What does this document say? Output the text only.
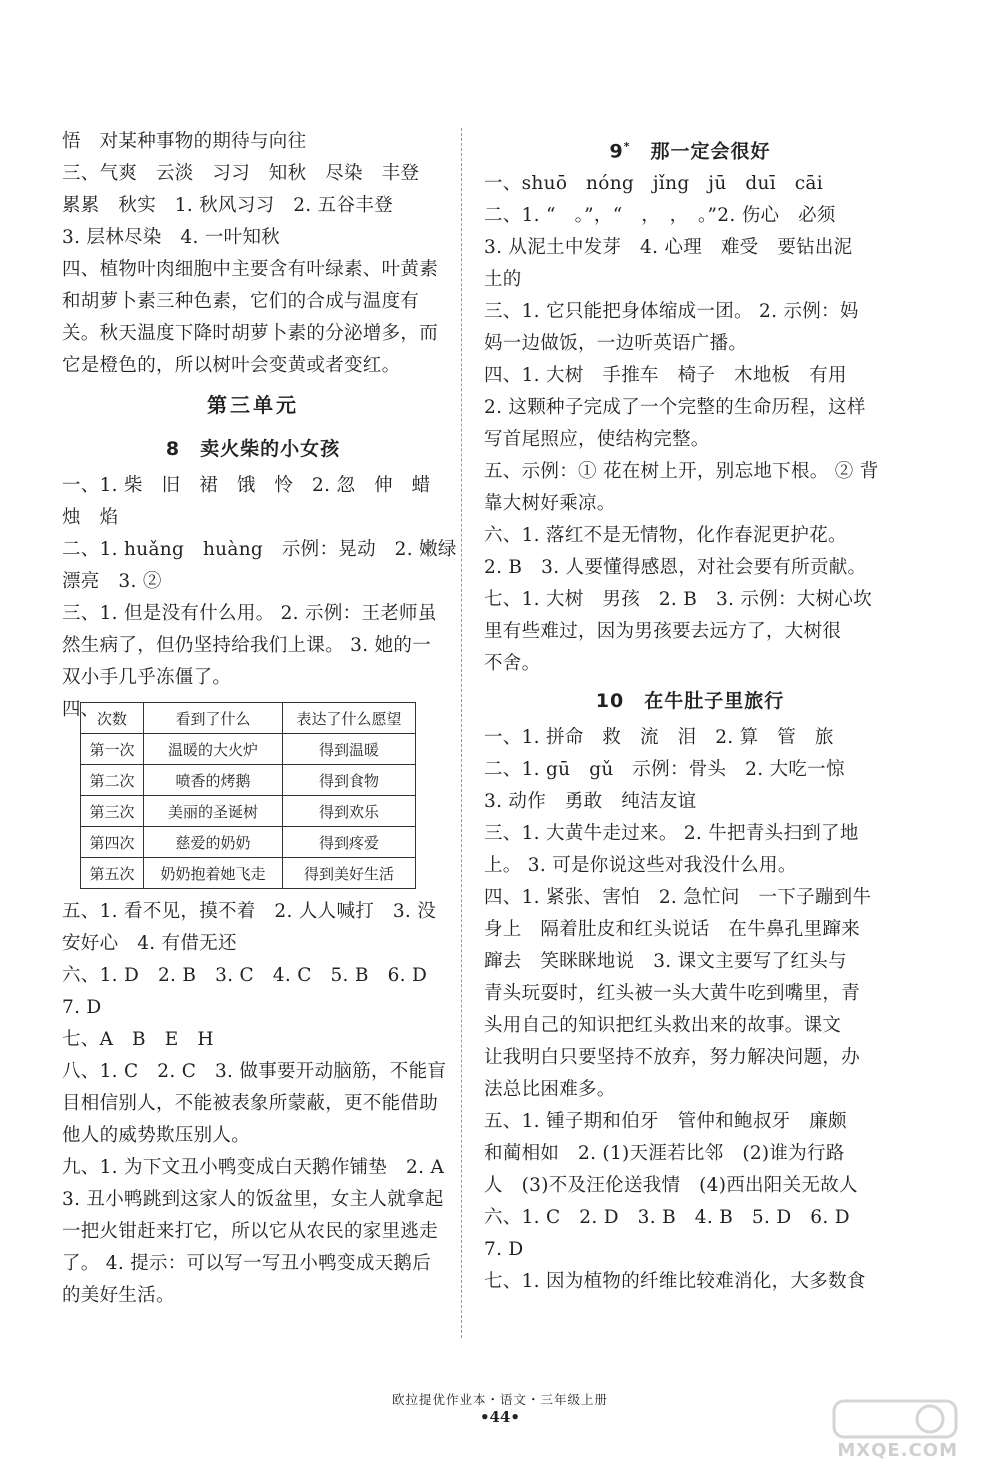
悟　对某种事物的期待与向往
三、气爽　云淡　习习　知秋　尽染　丰登
累累　秋实　1. 秋风习习　2. 五谷丰登
3. 层林尽染　4. 一叶知秋
四、植物叶肉细胞中主要含有叶绿素、叶黄素
和胡萝卜素三种色素，它们的合成与温度有
关。秋天温度下降时胡萝卜素的分泌增多，而
它是橙色的，所以树叶会变黄或者变红。
第三单元
8　卖火柴的小女孩
一、1. 柴　旧　裙　饿　怜　2. 忽　伸　蜡
烛　焰
二、1. huǎng　huàng　示例：晃动　2. 嫩绿
漂亮　3. ②
三、1. 但是没有什么用。 2. 示例：王老师虽
然生病了，但仍坚持给我们上课。 3. 她的一
双小手几乎冻僵了。
四、
次数	看到了什么	表达了什么愿望
第一次	温暖的大火炉	得到温暖
第二次	喷香的烤鹅	得到食物
第三次	美丽的圣诞树	得到欢乐
第四次	慈爱的奶奶	得到疼爱
第五次	奶奶抱着她飞走	得到美好生活
五、1. 看不见，摸不着　2. 人人喊打　3. 没
安好心　4. 有借无还
六、1. D　2. B　3. C　4. C　5. B　6. D
7. D
七、A　B　E　H
八、1. C　2. C　3. 做事要开动脑筋，不能盲
目相信别人，不能被表象所蒙蔽，更不能借助
他人的威势欺压别人。
九、1. 为下文丑小鸭变成白天鹅作铺垫　2. A
3. 丑小鸭跳到这家人的饭盆里，女主人就拿起
一把火钳赶来打它，所以它从农民的家里逃走
了。 4. 提示：可以写一写丑小鸭变成天鹅后
的美好生活。
9*　那一定会很好
一、shuō　nóng　jǐng　jū　duī　cāi
二、1. “　。”，“　，　，　。”2. 伤心　必须
3. 从泥土中发芽　4. 心理　难受　要钻出泥
土的
三、1. 它只能把身体缩成一团。 2. 示例：妈
妈一边做饭，一边听英语广播。
四、1. 大树　手推车　椅子　木地板　有用
2. 这颗种子完成了一个完整的生命历程，这样
写首尾照应，使结构完整。
五、示例：① 花在树上开，别忘地下根。 ② 背
靠大树好乘凉。
六、1. 落红不是无情物，化作春泥更护花。
2. B　3. 人要懂得感恩，对社会要有所贡献。
七、1. 大树　男孩　2. B　3. 示例：大树心坎
里有些难过，因为男孩要去远方了，大树很
不舍。
10　在牛肚子里旅行
一、1. 拼命　救　流　泪　2. 算　管　旅
二、1. gū　gǔ　示例：骨头　2. 大吃一惊
3. 动作　勇敢　纯洁友谊
三、1. 大黄牛走过来。 2. 牛把青头扫到了地
上。 3. 可是你说这些对我没什么用。
四、1. 紧张、害怕　2. 急忙问　一下子蹦到牛
身上　隔着肚皮和红头说话　在牛鼻孔里蹿来
蹿去　笑眯眯地说　3. 课文主要写了红头与
青头玩耍时，红头被一头大黄牛吃到嘴里，青
头用自己的知识把红头救出来的故事。课文
让我明白只要坚持不放弃，努力解决问题，办
法总比困难多。
五、1. 锺子期和伯牙　管仲和鲍叔牙　廉颇
和蔺相如　2. (1)天涯若比邻　(2)谁为行路
人　(3)不及汪伦送我情　(4)西出阳关无故人
六、1. C　2. D　3. B　4. B　5. D　6. D
7. D
七、1. 因为植物的纤维比较难消化，大多数食
欧拉提优作业本・语文・三年级上册
•44•
MXQE.COM
